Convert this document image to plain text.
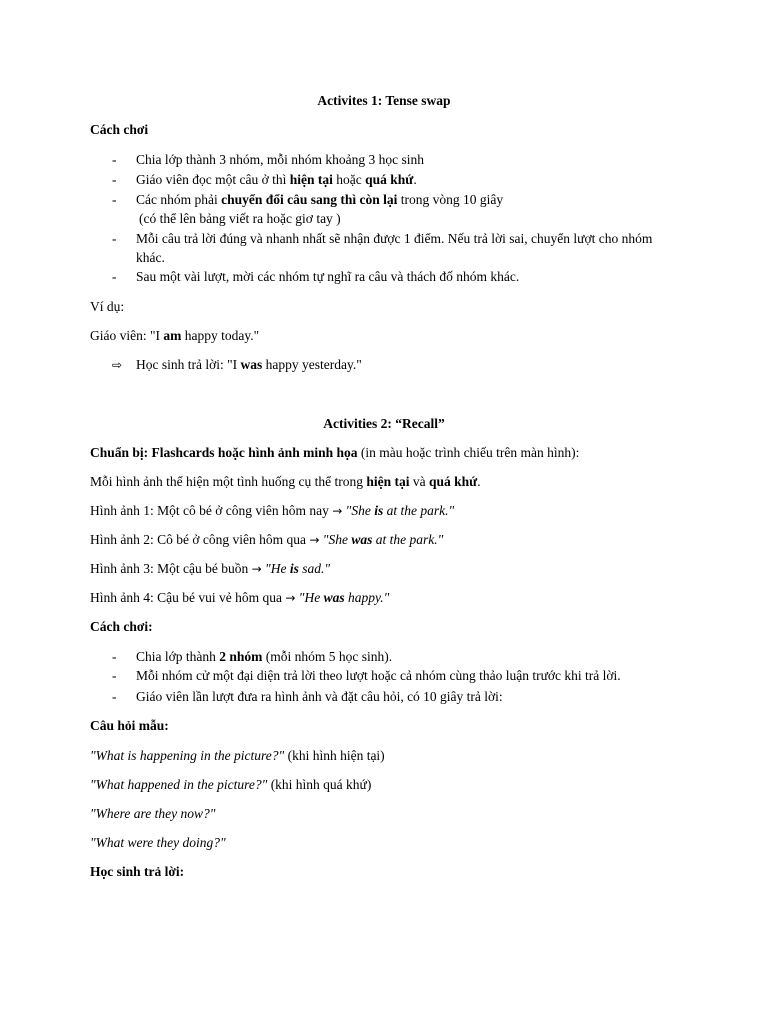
Activites 1: Tense swap
Cách chơi
- Chia lớp thành 3 nhóm, mỗi nhóm khoảng 3 học sinh
- Giáo viên đọc một câu ở thì hiện tại hoặc quá khứ.
- Các nhóm phải chuyển đổi câu sang thì còn lại trong vòng 10 giây
(có thể lên bảng viết ra hoặc giơ tay )
- Mỗi câu trả lời đúng và nhanh nhất sẽ nhận được 1 điểm. Nếu trả lời sai, chuyển lượt cho nhóm
khác.
- Sau một vài lượt, mời các nhóm tự nghĩ ra câu và thách đố nhóm khác.
Ví dụ:
Giáo viên: "I am happy today."
⇨ Học sinh trả lời: "I was happy yesterday."
Activities 2: “Recall”
Chuẩn bị: Flashcards hoặc hình ảnh minh họa (in màu hoặc trình chiếu trên màn hình):
Mỗi hình ảnh thể hiện một tình huống cụ thể trong hiện tại và quá khứ.
Hình ảnh 1: Một cô bé ở công viên hôm nay → "She is at the park."
Hình ảnh 2: Cô bé ở công viên hôm qua → "She was at the park."
Hình ảnh 3: Một cậu bé buồn → "He is sad."
Hình ảnh 4: Cậu bé vui vẻ hôm qua → "He was happy."
Cách chơi:
- Chia lớp thành 2 nhóm (mỗi nhóm 5 học sinh).
- Mỗi nhóm cử một đại diện trả lời theo lượt hoặc cả nhóm cùng thảo luận trước khi trả lời.
- Giáo viên lần lượt đưa ra hình ảnh và đặt câu hỏi, có 10 giây trả lời:
Câu hỏi mẫu:
"What is happening in the picture?" (khi hình hiện tại)
"What happened in the picture?" (khi hình quá khứ)
"Where are they now?"
"What were they doing?"
Học sinh trả lời:
